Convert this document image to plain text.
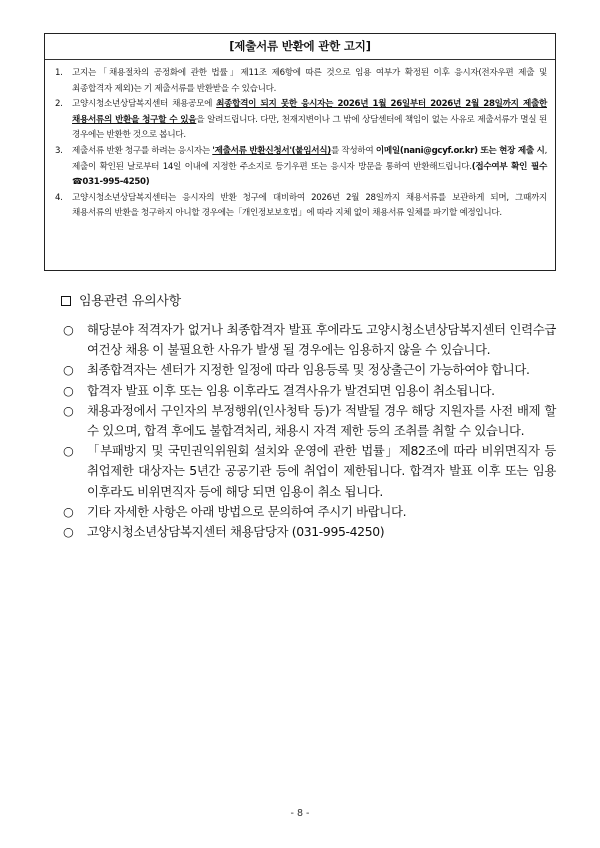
[제출서류 반환에 관한 고지]
1. 고지는「채용절차의 공정화에 관한 법률」제11조 제6항에 따른 것으로 임용 여부가 확정된 이후 응시자(전자우편 제출 및 최종합격자 제외)는 기 제출서류를 반환받을 수 있습니다.
2. 고양시청소년상담복지센터 채용공모에 최종합격이 되지 못한 응시자는 2026년 1월 26일부터 2026년 2월 28일까지 제출한 채용서류의 반환을 청구할 수 있음을 알려드립니다. 다만, 천재지변이나 그 밖에 상담센터에 책임이 없는 사유로 제출서류가 멸실 된 경우에는 반환한 것으로 봅니다.
3. 제출서류 반환 청구를 하려는 응시자는 '제출서류 반환신청서'(붙임서식)를 작성하여 이메일(nani@gcyf.or.kr) 또는 현장 제출 시, 제출이 확인된 날로부터 14일 이내에 지정한 주소지로 등기우편 또는 응시자 방문을 통하여 반환해드립니다.(접수여부 확인 필수 ☎031-995-4250)
4. 고양시청소년상담복지센터는 응시자의 반환 청구에 대비하여 2026년 2월 28일까지 채용서류를 보관하게 되며, 그때까지 채용서류의 반환을 청구하지 아니할 경우에는「개인정보보호법」에 따라 지체 없이 채용서류 일체를 파기할 예정입니다.
임용관련 유의사항
○ 해당분야 적격자가 없거나 최종합격자 발표 후에라도 고양시청소년상담복지센터 인력수급 여건상 채용 이 불필요한 사유가 발생 될 경우에는 임용하지 않을 수 있습니다.
○ 최종합격자는 센터가 지정한 일정에 따라 임용등록 및 정상출근이 가능하여야 합니다.
○ 합격자 발표 이후 또는 임용 이후라도 결격사유가 발견되면 임용이 취소됩니다.
○ 채용과정에서 구인자의 부정행위(인사청탁 등)가 적발될 경우 해당 지원자를 사전 배제 할 수 있으며, 합격 후에도 불합격처리, 채용시 자격 제한 등의 조취를 취할 수 있습니다.
○ 「부패방지 및 국민권익위원회 설치와 운영에 관한 법률」제82조에 따라 비위면직자 등 취업제한 대상자는 5년간 공공기관 등에 취업이 제한됩니다. 합격자 발표 이후 또는 임용 이후라도 비위면직자 등에 해당 되면 임용이 취소 됩니다.
○ 기타 자세한 사항은 아래 방법으로 문의하여 주시기 바랍니다.
○ 고양시청소년상담복지센터 채용담당자 (031-995-4250)
- 8 -
